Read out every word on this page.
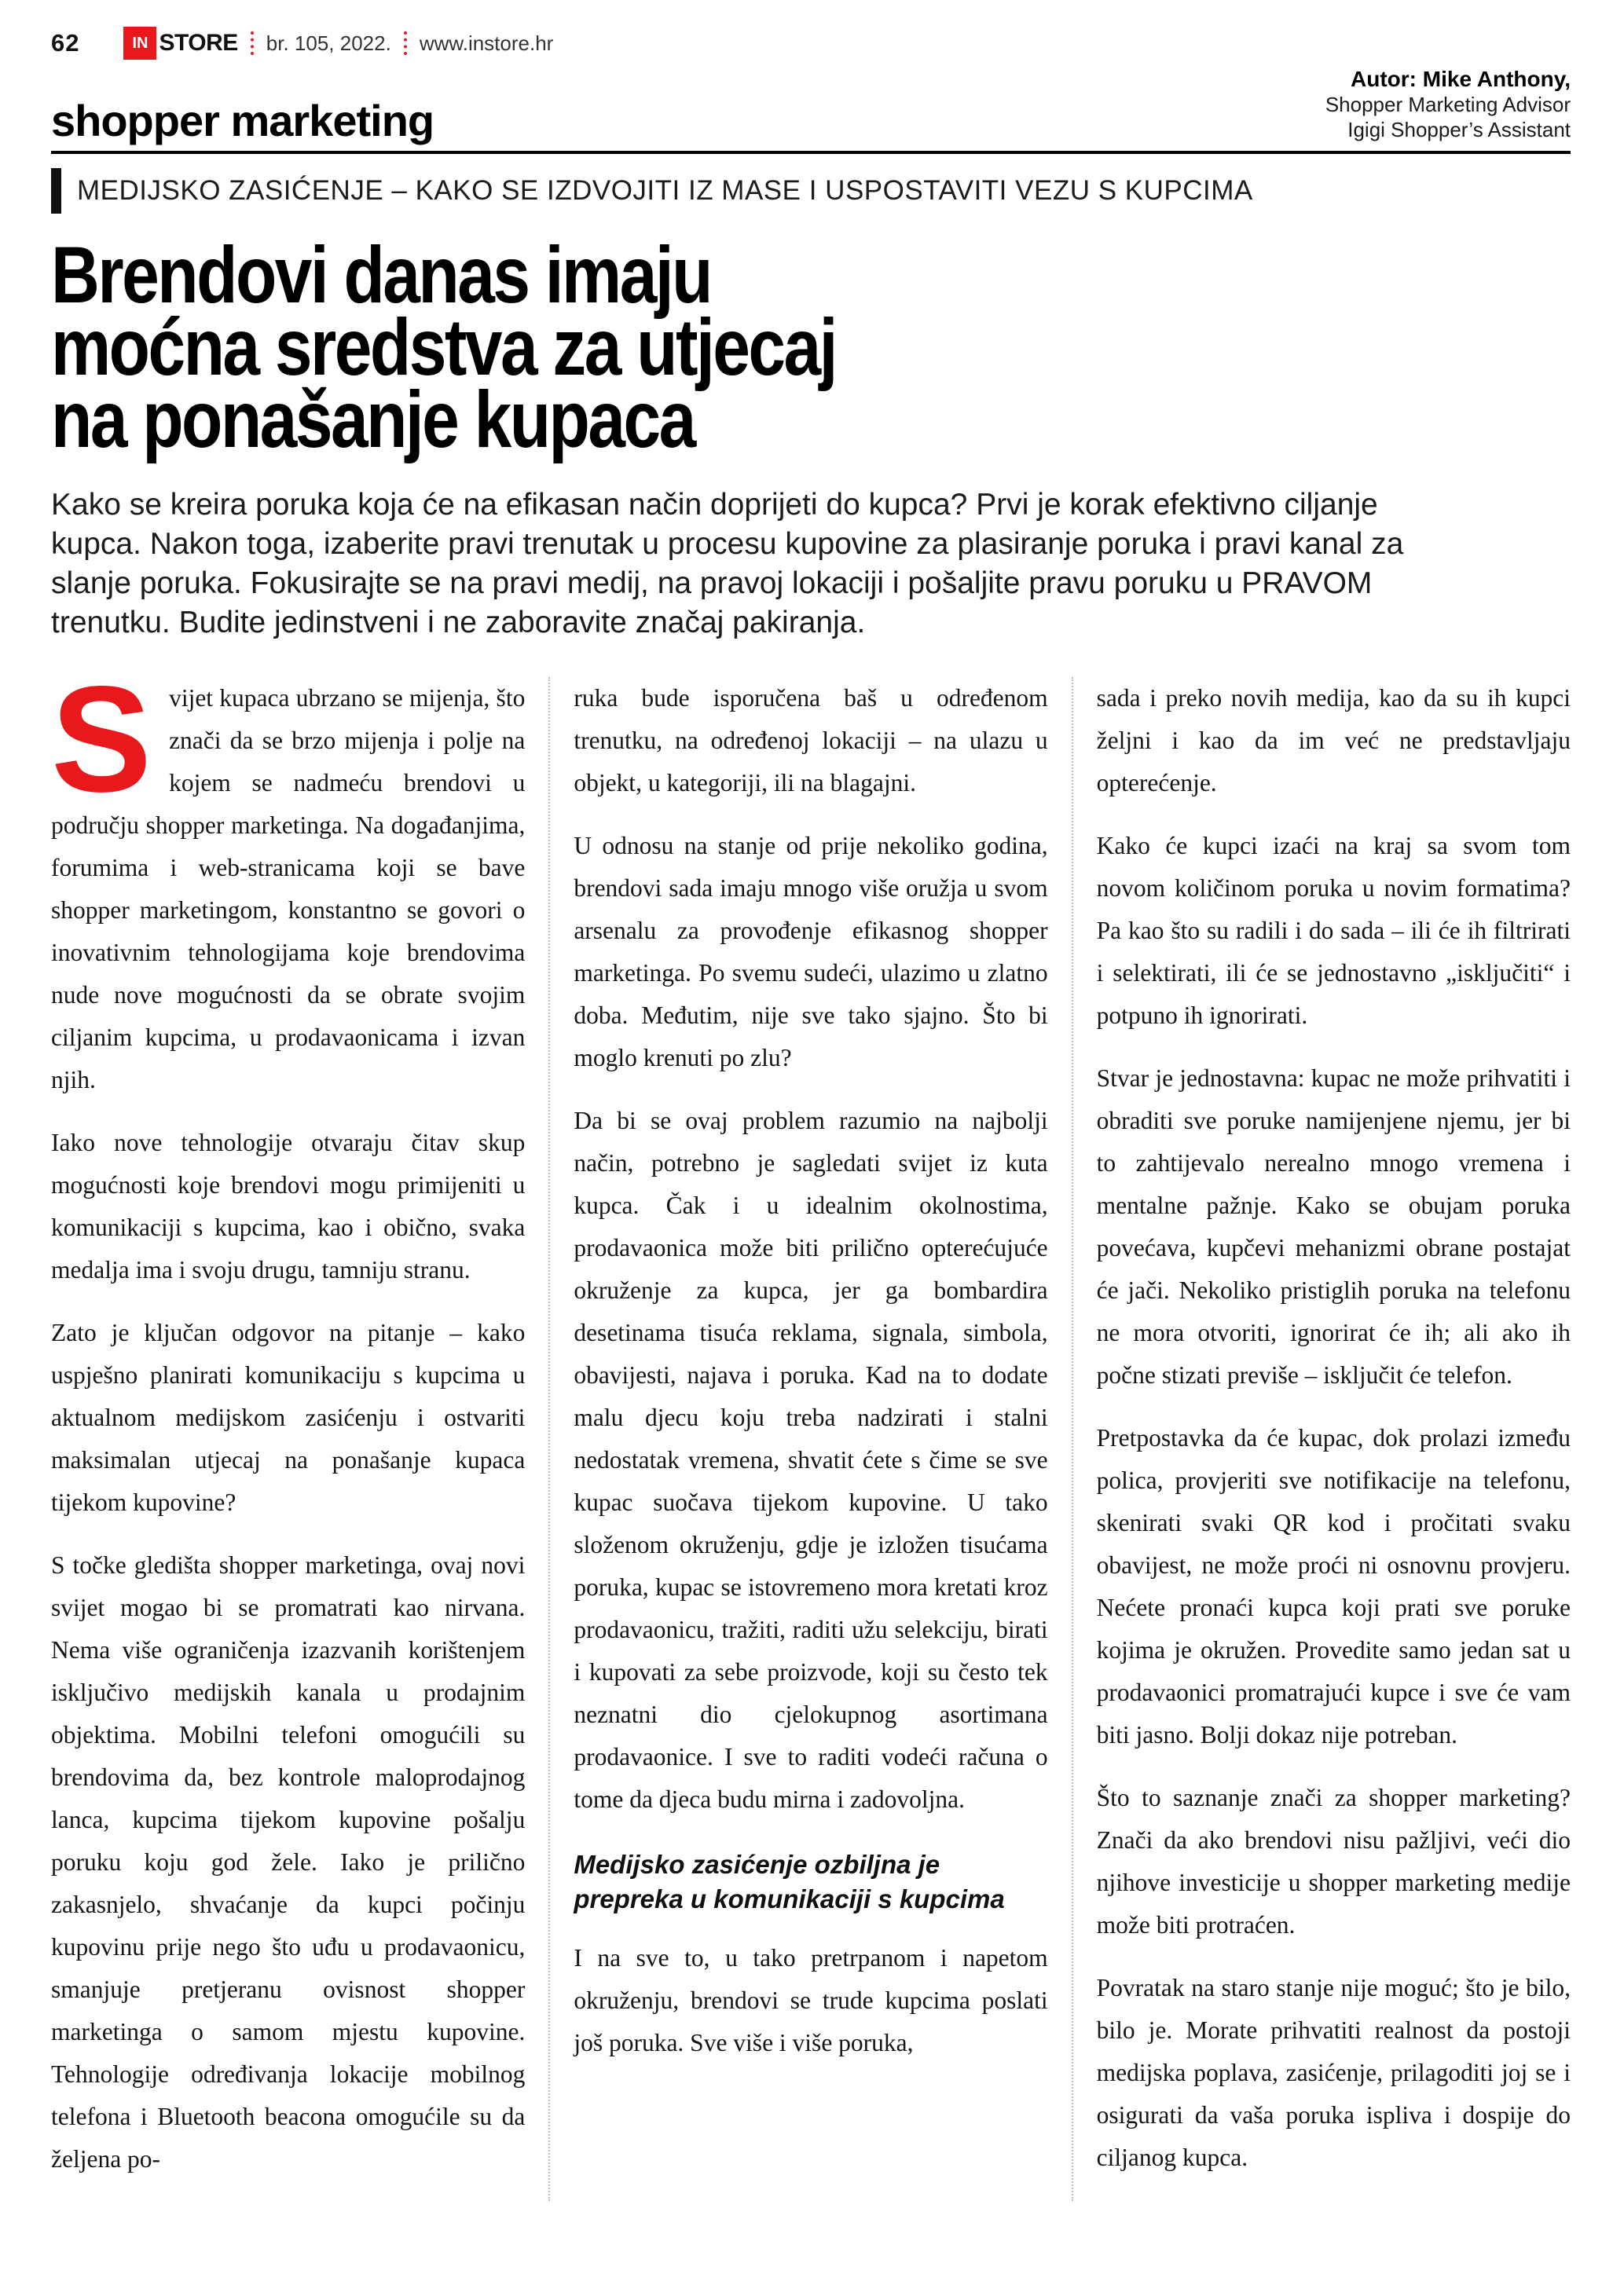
62	IN STORE br. 105, 2022. www.instore.hr
shopper marketing
Autor: Mike Anthony,
Shopper Marketing Advisor
Igigi Shopper’s Assistant
MEDIJSKO ZASIĆENJE – KAKO SE IZDVOJITI IZ MASE I USPOSTAVITI VEZU S KUPCIMA
Brendovi danas imaju
moćna sredstva za utjecaj
na ponašanje kupaca

Kako se kreira poruka koja će na efikasan način doprijeti do kupca? Prvi je korak efektivno ciljanje kupca. Nakon toga, izaberite pravi trenutak u procesu kupovine za plasiranje poruka i pravi kanal za slanje poruka. Fokusirajte se na pravi medij, na pravoj lokaciji i pošaljite pravu poruku u PRAVOM trenutku. Budite jedinstveni i ne zaboravite značaj pakiranja.

Svijet kupaca ubrzano se mijenja, što znači da se brzo mijenja i polje na kojem se nadmeću brendovi u području shopper marketinga. Na događanjima, forumima i web-stranicama koji se bave shopper marketingom, konstantno se govori o inovativnim tehnologijama koje brendovima nude nove mogućnosti da se obrate svojim ciljanim kupcima, u prodavaonicama i izvan njih.

Iako nove tehnologije otvaraju čitav skup mogućnosti koje brendovi mogu primijeniti u komunikaciji s kupcima, kao i obično, svaka medalja ima i svoju drugu, tamniju stranu.

Zato je ključan odgovor na pitanje – kako uspješno planirati komunikaciju s kupcima u aktualnom medijskom zasićenju i ostvariti maksimalan utjecaj na ponašanje kupaca tijekom kupovine?

S točke gledišta shopper marketinga, ovaj novi svijet mogao bi se promatrati kao nirvana. Nema više ograničenja izazvanih korištenjem isključivo medijskih kanala u prodajnim objektima. Mobilni telefoni omogućili su brendovima da, bez kontrole maloprodajnog lanca, kupcima tijekom kupovine pošalju poruku koju god žele. Iako je prilično zakasnjelo, shvaćanje da kupci počinju kupovinu prije nego što uđu u prodavaonicu, smanjuje pretjeranu ovisnost shopper marketinga o samom mjestu kupovine. Tehnologije određivanja lokacije mobilnog telefona i Bluetooth beacona omogućile su da željena po-

ruka bude isporučena baš u određenom trenutku, na određenoj lokaciji – na ulazu u objekt, u kategoriji, ili na blagajni.

U odnosu na stanje od prije nekoliko godina, brendovi sada imaju mnogo više oružja u svom arsenalu za provođenje efikasnog shopper marketinga. Po svemu sudeći, ulazimo u zlatno doba. Međutim, nije sve tako sjajno. Što bi moglo krenuti po zlu?

Da bi se ovaj problem razumio na najbolji način, potrebno je sagledati svijet iz kuta kupca. Čak i u idealnim okolnostima, prodavaonica može biti prilično opterećujuće okruženje za kupca, jer ga bombardira desetinama tisuća reklama, signala, simbola, obavijesti, najava i poruka. Kad na to dodate malu djecu koju treba nadzirati i stalni nedostatak vremena, shvatit ćete s čime se sve kupac suočava tijekom kupovine. U tako složenom okruženju, gdje je izložen tisućama poruka, kupac se istovremeno mora kretati kroz prodavaonicu, tražiti, raditi užu selekciju, birati i kupovati za sebe proizvode, koji su često tek neznatni dio cjelokupnog asortimana prodavaonice. I sve to raditi vodeći računa o tome da djeca budu mirna i zadovoljna.

Medijsko zasićenje ozbiljna je prepreka u komunikaciji s kupcima

I na sve to, u tako pretrpanom i napetom okruženju, brendovi se trude kupcima poslati još poruka. Sve više i više poruka,

sada i preko novih medija, kao da su ih kupci željni i kao da im već ne predstavljaju opterećenje.

Kako će kupci izaći na kraj sa svom tom novom količinom poruka u novim formatima? Pa kao što su radili i do sada – ili će ih filtrirati i selektirati, ili će se jednostavno „isključiti“ i potpuno ih ignorirati.

Stvar je jednostavna: kupac ne može prihvatiti i obraditi sve poruke namijenjene njemu, jer bi to zahtijevalo nerealno mnogo vremena i mentalne pažnje. Kako se obujam poruka povećava, kupčevi mehanizmi obrane postajat će jači. Nekoliko pristiglih poruka na telefonu ne mora otvoriti, ignorirat će ih; ali ako ih počne stizati previše – isključit će telefon.

Pretpostavka da će kupac, dok prolazi između polica, provjeriti sve notifikacije na telefonu, skenirati svaki QR kod i pročitati svaku obavijest, ne može proći ni osnovnu provjeru. Nećete pronaći kupca koji prati sve poruke kojima je okružen. Provedite samo jedan sat u prodavaonici promatrajući kupce i sve će vam biti jasno. Bolji dokaz nije potreban.

Što to saznanje znači za shopper marketing? Znači da ako brendovi nisu pažljivi, veći dio njihove investicije u shopper marketing medije može biti protraćen.

Povratak na staro stanje nije moguć; što je bilo, bilo je. Morate prihvatiti realnost da postoji medijska poplava, zasićenje, prilagoditi joj se i osigurati da vaša poruka ispliva i dospije do ciljanog kupca.
